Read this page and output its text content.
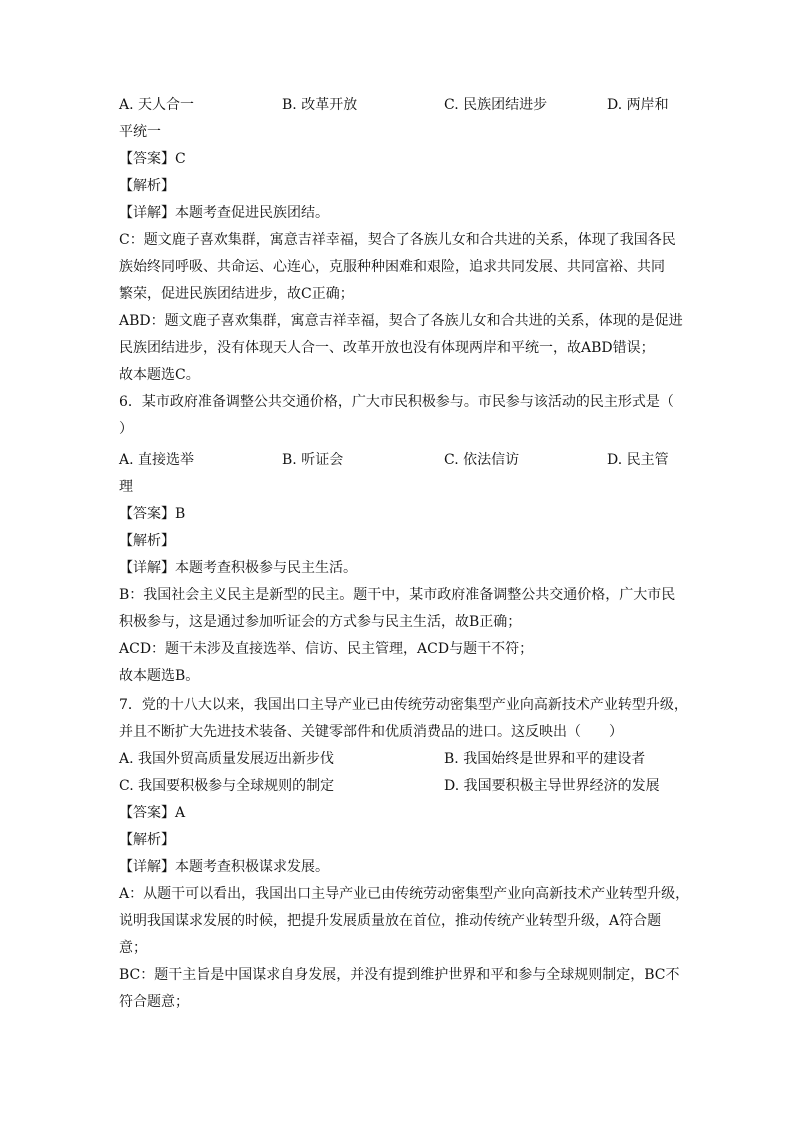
A. 天人合一	B. 改革开放	C. 民族团结进步	D. 两岸和
平统一
【答案】C
【解析】
【详解】本题考查促进民族团结。
C：题文鹿子喜欢集群，寓意吉祥幸福，契合了各族儿女和合共进的关系，体现了我国各民
族始终同呼吸、共命运、心连心，克服种种困难和艰险，追求共同发展、共同富裕、共同
繁荣，促进民族团结进步，故C正确；
ABD：题文鹿子喜欢集群，寓意吉祥幸福，契合了各族儿女和合共进的关系，体现的是促进
民族团结进步，没有体现天人合一、改革开放也没有体现两岸和平统一，故ABD错误；
故本题选C。
6．某市政府准备调整公共交通价格，广大市民积极参与。市民参与该活动的民主形式是（
）
A. 直接选举	B. 听证会	C. 依法信访	D. 民主管
理
【答案】B
【解析】
【详解】本题考查积极参与民主生活。
B：我国社会主义民主是新型的民主。题干中，某市政府准备调整公共交通价格，广大市民
积极参与，这是通过参加听证会的方式参与民主生活，故B正确；
ACD：题干未涉及直接选举、信访、民主管理，ACD与题干不符；
故本题选B。
7．党的十八大以来，我国出口主导产业已由传统劳动密集型产业向高新技术产业转型升级，
并且不断扩大先进技术装备、关键零部件和优质消费品的进口。这反映出（　　）
A. 我国外贸高质量发展迈出新步伐	B. 我国始终是世界和平的建设者
C. 我国要积极参与全球规则的制定	D. 我国要积极主导世界经济的发展
【答案】A
【解析】
【详解】本题考查积极谋求发展。
A：从题干可以看出，我国出口主导产业已由传统劳动密集型产业向高新技术产业转型升级，
说明我国谋求发展的时候，把提升发展质量放在首位，推动传统产业转型升级，A符合题
意；
BC：题干主旨是中国谋求自身发展，并没有提到维护世界和平和参与全球规则制定，BC不
符合题意；
